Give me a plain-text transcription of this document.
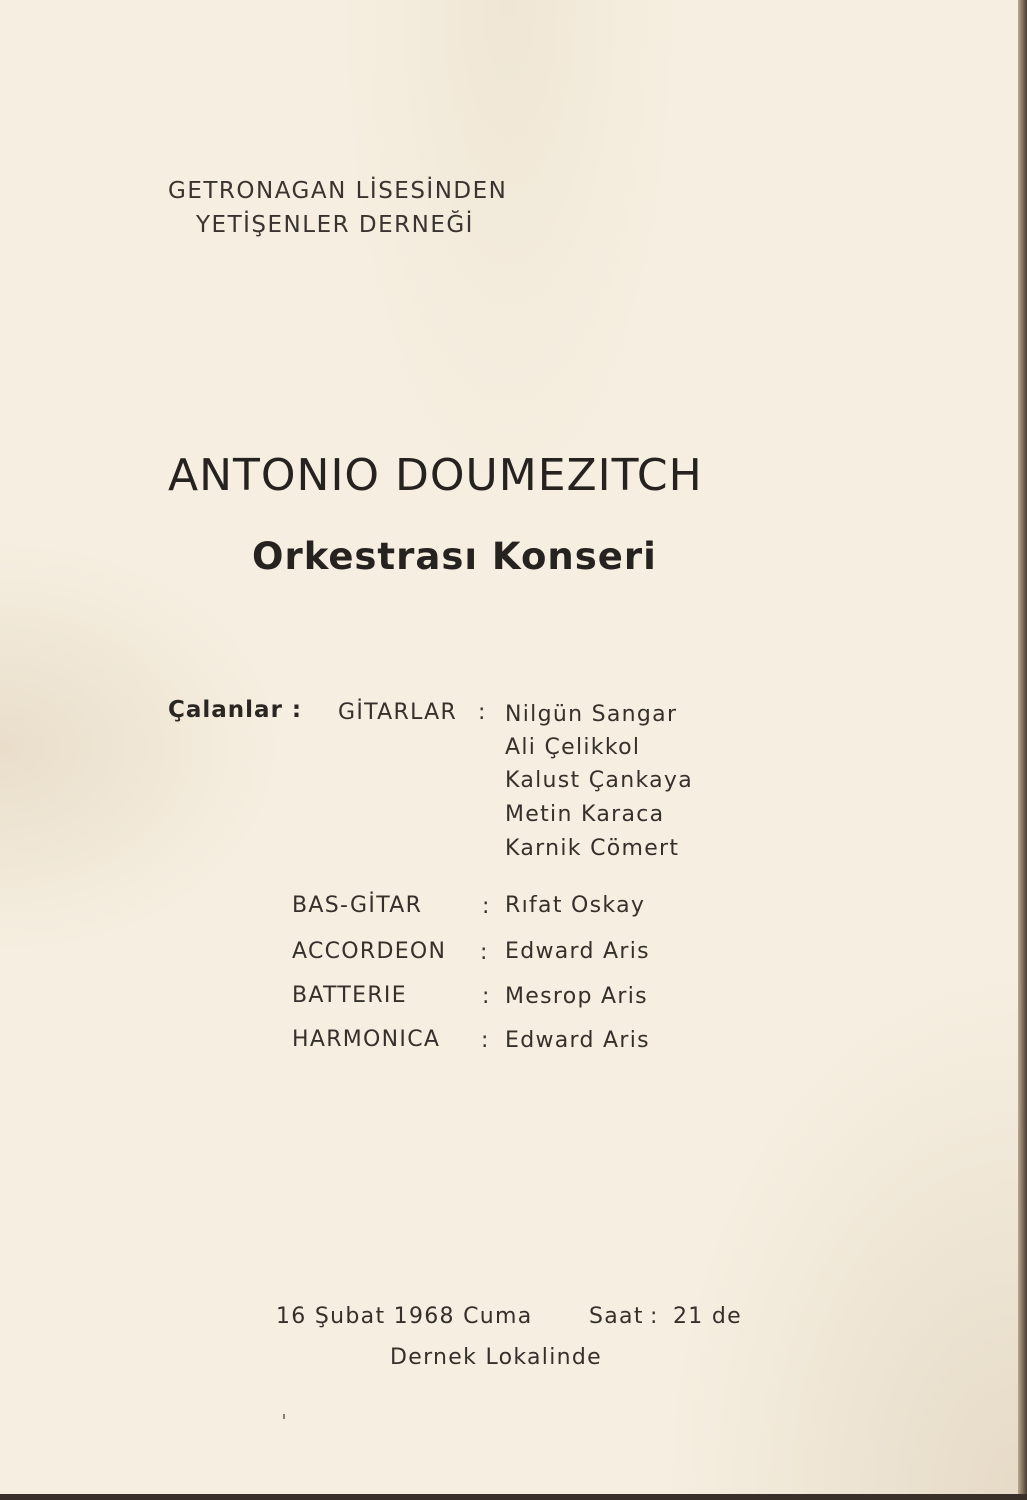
GETRONAGAN LİSESİNDEN

YETİŞENLER DERNEĞİ

ANTONIO DOUMEZITCH
Orkestrası Konseri
Çalanlar : GİTARLAR : Nilgün Sangar
Ali Çelikkol
Kalust Çankaya
Metin Karaca
Karnik Cömert
BAS-GİTAR	: Rıfat Oskay
ACCORDEON : Edward Aris
BATTERIE	: Mesrop Aris
HARMONICA : Edward Aris
16 Şubat 1968 Cuma	Saat : 21 de
Dernek Lokalinde
